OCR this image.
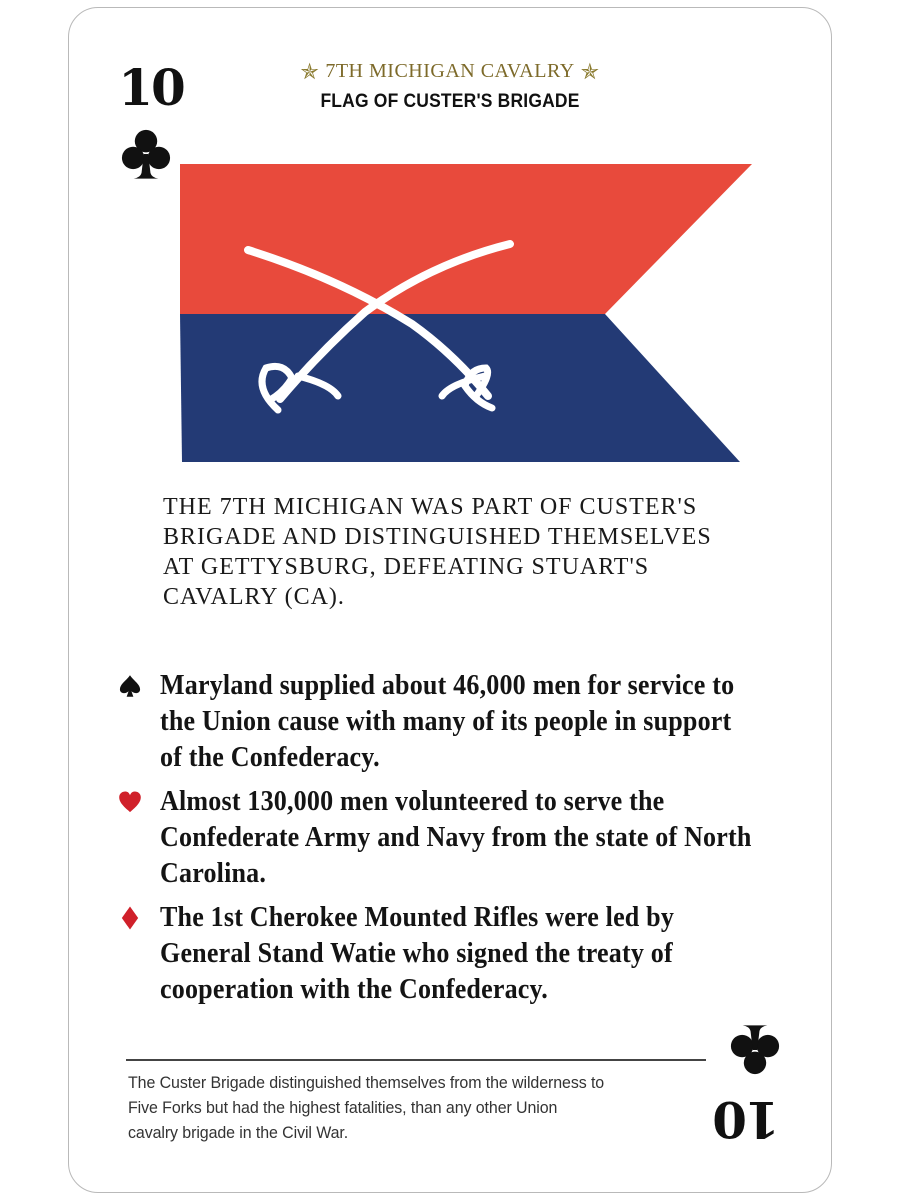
10	✯ 7TH MICHIGAN CAVALRY ✯
FLAG OF CUSTER'S BRIGADE
THE 7TH MICHIGAN WAS PART OF CUSTER'S
BRIGADE AND DISTINGUISHED THEMSELVES
AT GETTYSBURG, DEFEATING STUART'S
CAVALRY (CA).
Maryland supplied about 46,000 men for service to the Union cause with many of its people in support of the Confederacy.
Almost 130,000 men volunteered to serve the Confederate Army and Navy from the state of North Carolina.
The 1st Cherokee Mounted Rifles were led by General Stand Watie who signed the treaty of cooperation with the Confederacy.
The Custer Brigade distinguished themselves from the wilderness to
Five Forks but had the highest fatalities, than any other Union
cavalry brigade in the Civil War.	10
